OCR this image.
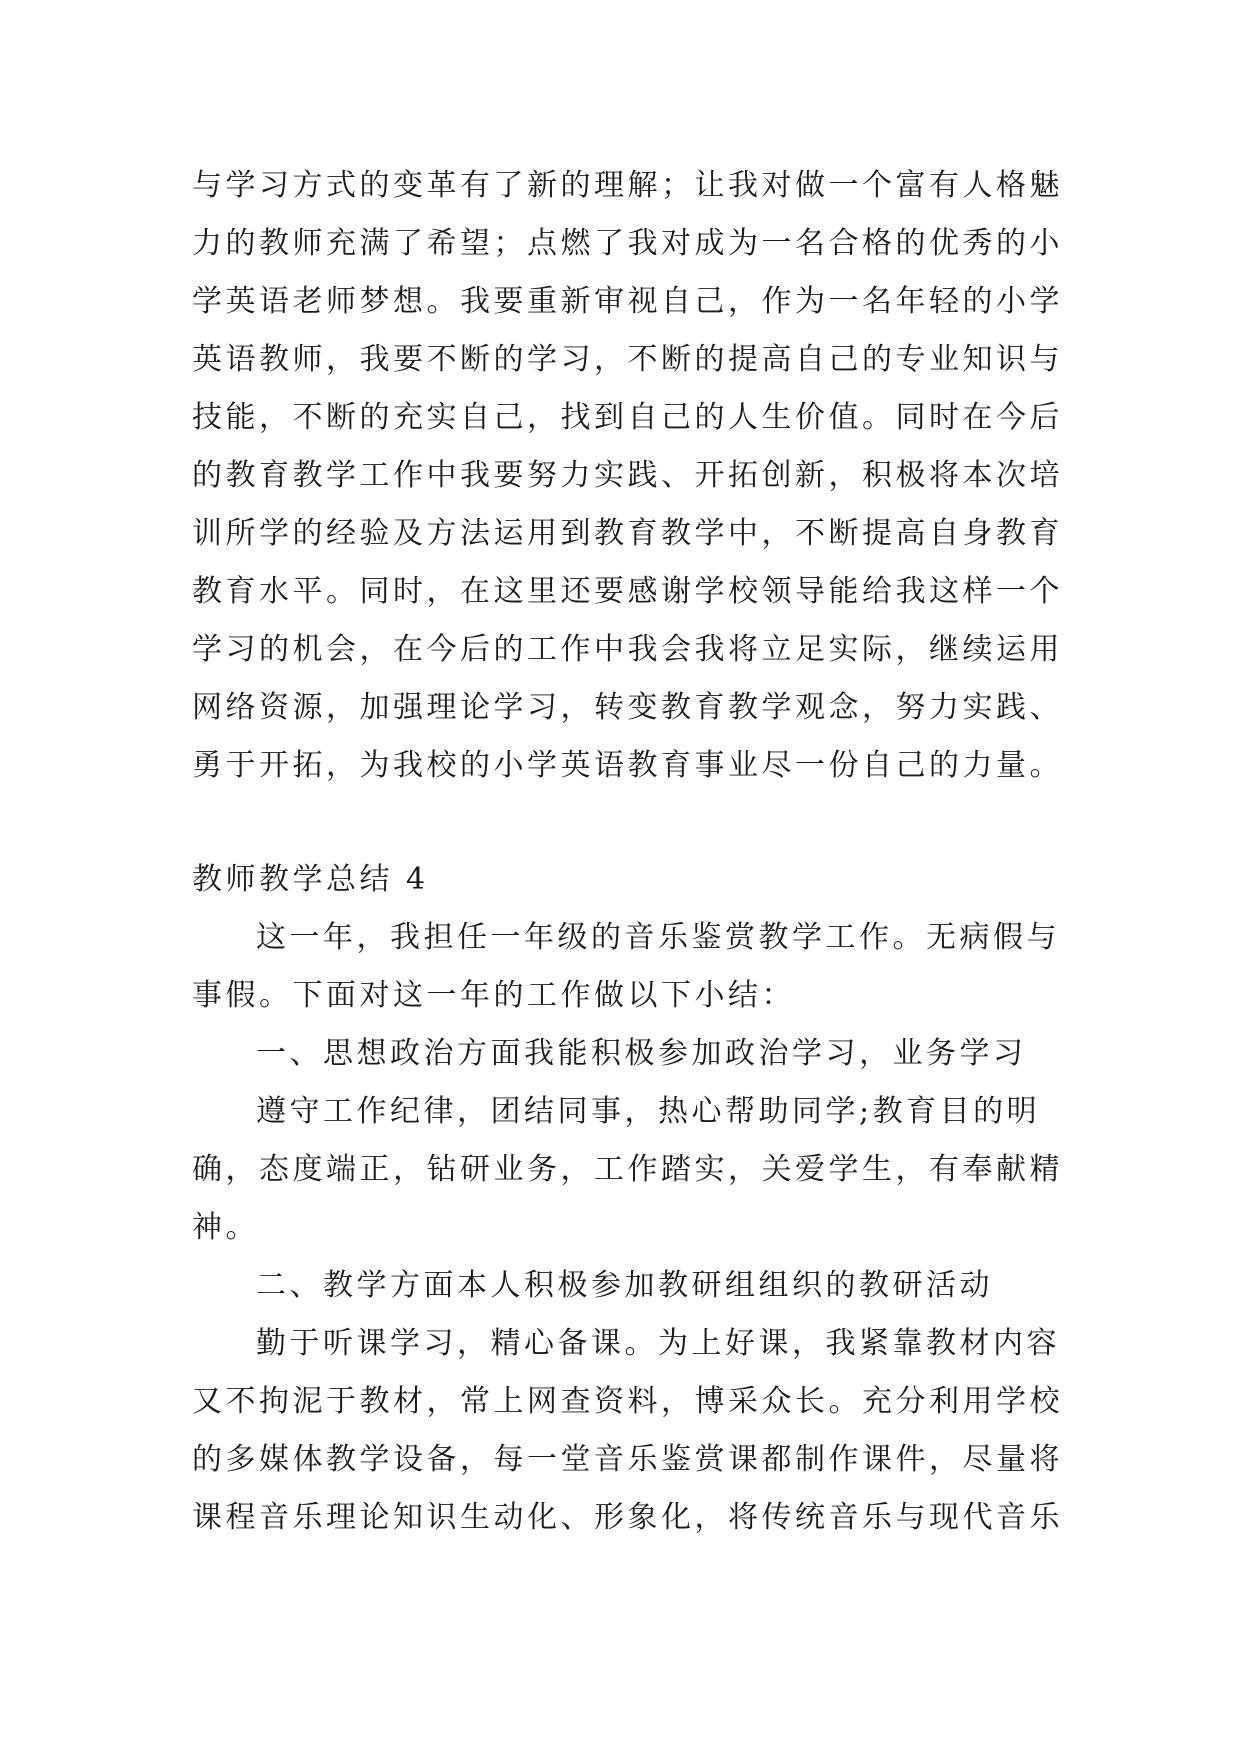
与学习方式的变革有了新的理解；让我对做一个富有人格魅
力的教师充满了希望；点燃了我对成为一名合格的优秀的小
学英语老师梦想。我要重新审视自己，作为一名年轻的小学
英语教师，我要不断的学习，不断的提高自己的专业知识与
技能，不断的充实自己，找到自己的人生价值。同时在今后
的教育教学工作中我要努力实践、开拓创新，积极将本次培
训所学的经验及方法运用到教育教学中，不断提高自身教育
教育水平。同时，在这里还要感谢学校领导能给我这样一个
学习的机会，在今后的工作中我会我将立足实际，继续运用
网络资源，加强理论学习，转变教育教学观念，努力实践、
勇于开拓，为我校的小学英语教育事业尽一份自己的力量。
教师教学总结 4
这一年，我担任一年级的音乐鉴赏教学工作。无病假与
事假。下面对这一年的工作做以下小结：
一、思想政治方面我能积极参加政治学习，业务学习
遵守工作纪律，团结同事，热心帮助同学;教育目的明
确，态度端正，钻研业务，工作踏实，关爱学生，有奉献精
神。
二、教学方面本人积极参加教研组组织的教研活动
勤于听课学习，精心备课。为上好课，我紧靠教材内容
又不拘泥于教材，常上网查资料，博采众长。充分利用学校
的多媒体教学设备，每一堂音乐鉴赏课都制作课件，尽量将
课程音乐理论知识生动化、形象化，将传统音乐与现代音乐
